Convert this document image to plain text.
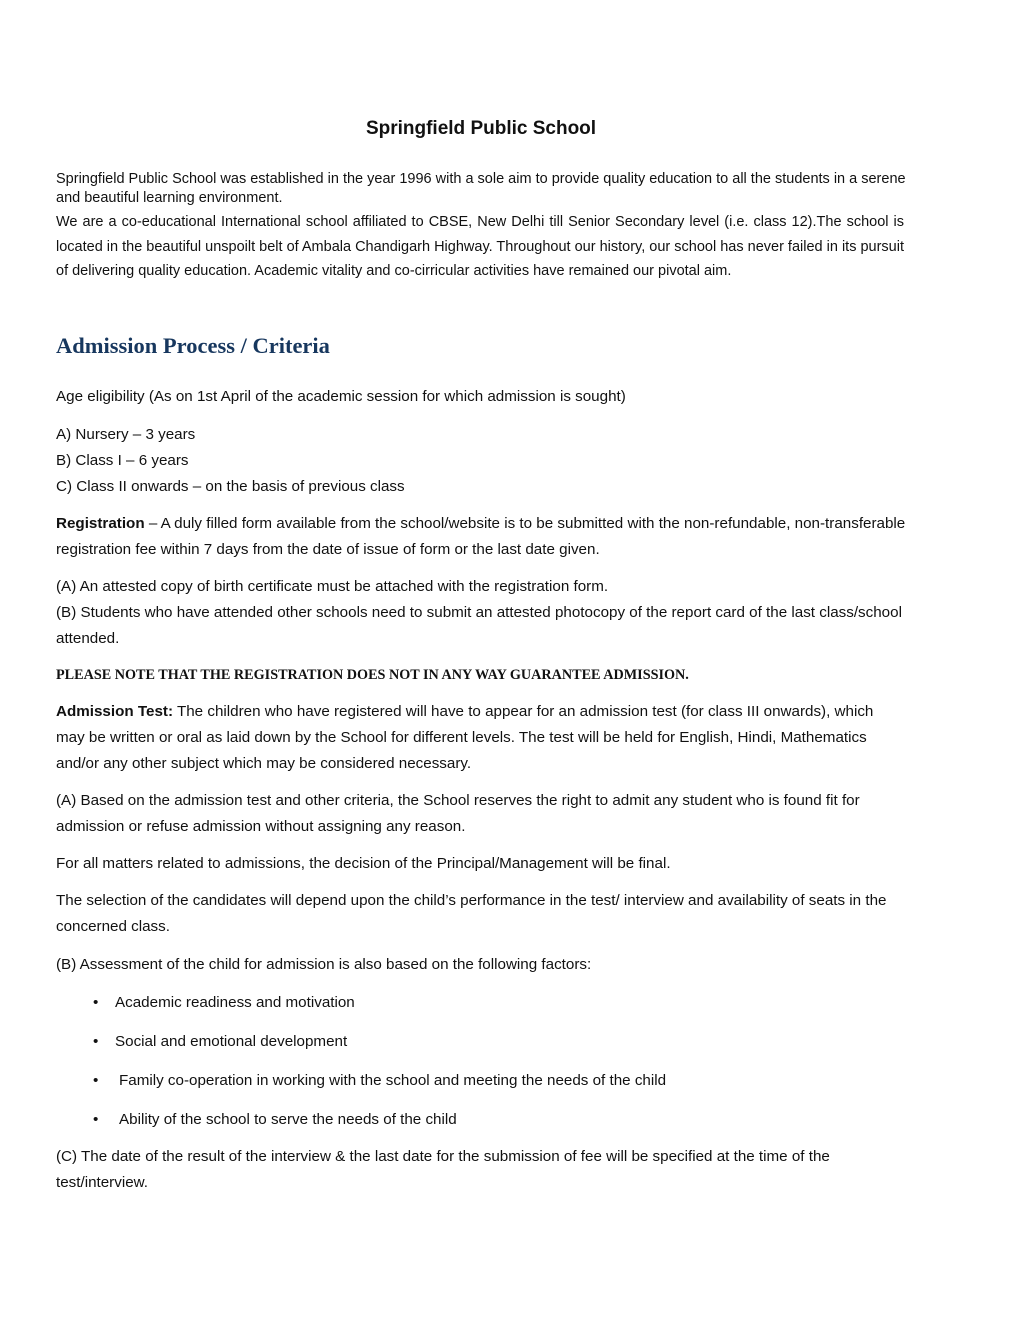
Springfield Public School
Springfield Public School was established in the year 1996 with a sole aim to provide quality education to all the students in a serene and beautiful learning environment.
We are a co-educational International school affiliated to CBSE, New Delhi till Senior Secondary level (i.e. class 12).The school is located in the beautiful unspoilt belt of Ambala Chandigarh Highway. Throughout our history, our school has never failed in its pursuit of delivering quality education. Academic vitality and co-cirricular activities have remained our pivotal aim.
Admission Process / Criteria
Age eligibility (As on 1st April of the academic session for which admission is sought)

A) Nursery – 3 years

B) Class I – 6 years

C) Class II onwards – on the basis of previous class

Registration – A duly filled form available from the school/website is to be submitted with the non-refundable, non-transferable registration fee within 7 days from the date of issue of form or the last date given.

(A) An attested copy of birth certificate must be attached with the registration form.

(B) Students who have attended other schools need to submit an attested photocopy of the report card of the last class/school attended.

PLEASE NOTE THAT THE REGISTRATION DOES NOT IN ANY WAY GUARANTEE ADMISSION.

Admission Test: The children who have registered will have to appear for an admission test (for class III onwards), which may be written or oral as laid down by the School for different levels. The test will be held for English, Hindi, Mathematics and/or any other subject which may be considered necessary.

(A) Based on the admission test and other criteria, the School reserves the right to admit any student who is found fit for admission or refuse admission without assigning any reason.
For all matters related to admissions, the decision of the Principal/Management will be final.
The selection of the candidates will depend upon the child’s performance in the test/ interview and availability of seats in the concerned class.
(B) Assessment of the child for admission is also based on the following factors:
• Academic readiness and motivation
• Social and emotional development
• Family co-operation in working with the school and meeting the needs of the child
• Ability of the school to serve the needs of the child
(C) The date of the result of the interview & the last date for the submission of fee will be specified at the time of the test/interview.
